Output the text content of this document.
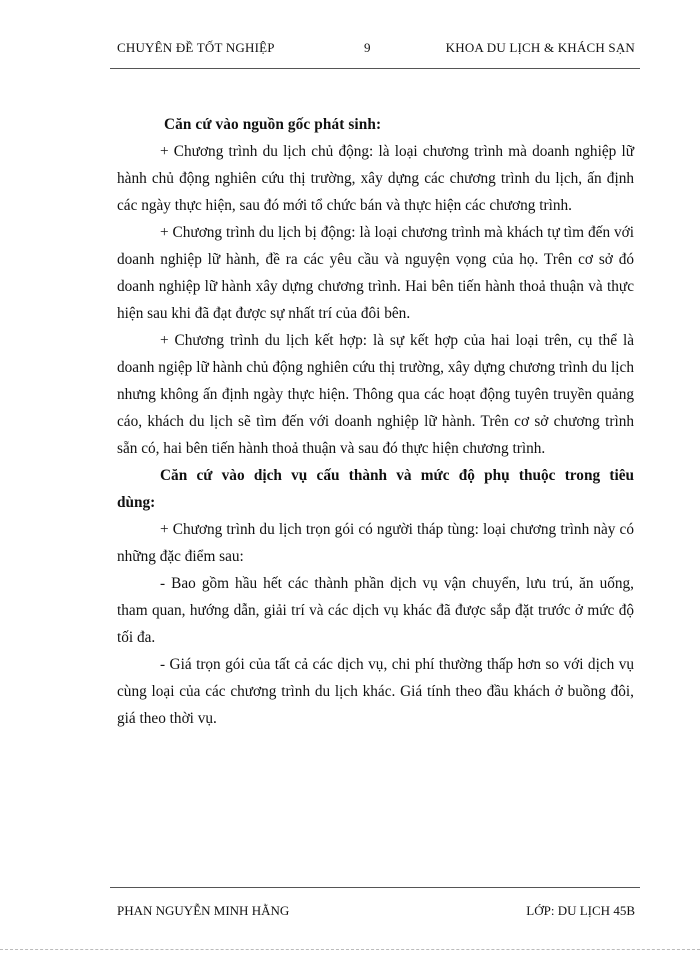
CHUYÊN ĐỀ TỐT NGHIỆP	9	KHOA DU LỊCH & KHÁCH SẠN

Căn cứ vào nguồn gốc phát sinh:

+ Chương trình du lịch chủ động: là loại chương trình mà doanh nghiệp lữ hành chủ động nghiên cứu thị trường, xây dựng các chương trình du lịch, ấn định các ngày thực hiện, sau đó mới tổ chức bán và thực hiện các chương trình.

+ Chương trình du lịch bị động: là loại chương trình mà khách tự tìm đến với doanh nghiệp lữ hành, đề ra các yêu cầu và nguyện vọng của họ. Trên cơ sở đó doanh nghiệp lữ hành xây dựng chương trình. Hai bên tiến hành thoả thuận và thực hiện sau khi đã đạt được sự nhất trí của đôi bên.

+ Chương trình du lịch kết hợp: là sự kết hợp của hai loại trên, cụ thể là doanh ngiệp lữ hành chủ động nghiên cứu thị trường, xây dựng chương trình du lịch nhưng không ấn định ngày thực hiện. Thông qua các hoạt động tuyên truyền quảng cáo, khách du lịch sẽ tìm đến với doanh nghiệp lữ hành. Trên cơ sở chương trình sẵn có, hai bên tiến hành thoả thuận và sau đó thực hiện chương trình.

Căn cứ vào dịch vụ cấu thành và mức độ phụ thuộc trong tiêu dùng:

+ Chương trình du lịch trọn gói có người tháp tùng: loại chương trình này có những đặc điểm sau:

- Bao gồm hầu hết các thành phần dịch vụ vận chuyển, lưu trú, ăn uống, tham quan, hướng dẫn, giải trí và các dịch vụ khác đã được sắp đặt trước ở mức độ tối đa.

- Giá trọn gói của tất cả các dịch vụ, chi phí thường thấp hơn so với dịch vụ cùng loại của các chương trình du lịch khác. Giá tính theo đầu khách ở buồng đôi, giá theo thời vụ.

PHAN NGUYỄN MINH HẰNG	LỚP: DU LỊCH 45B
